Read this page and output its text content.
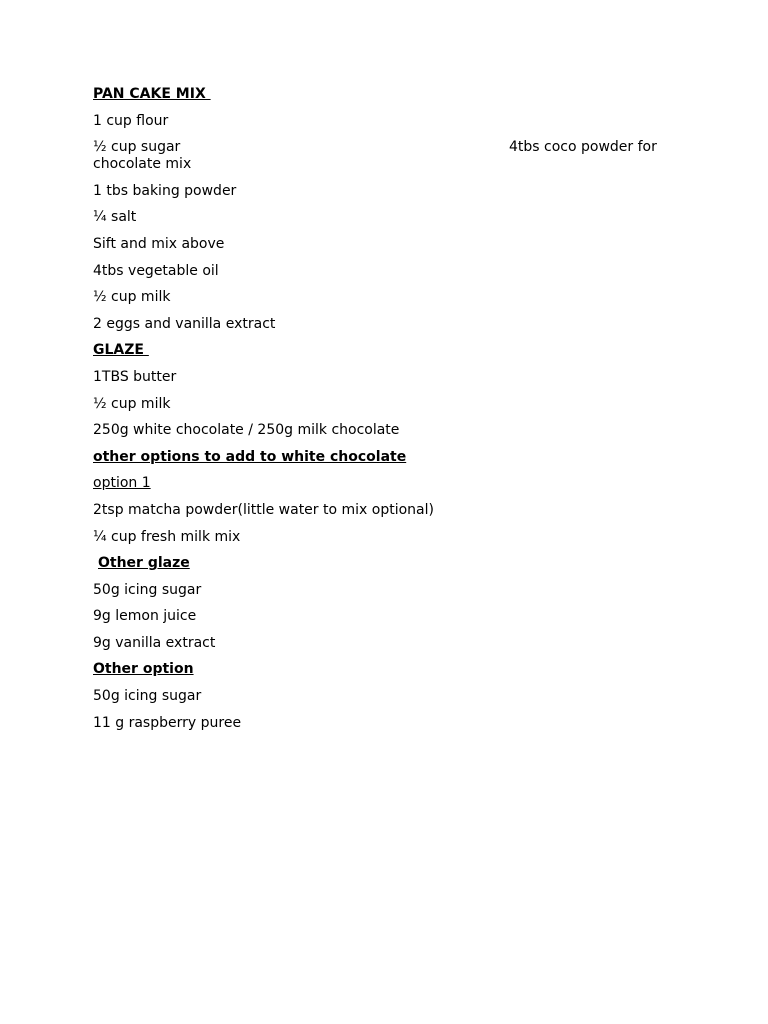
PAN CAKE MIX
1 cup flour
½ cup sugar	4tbs coco powder for
chocolate mix
1 tbs baking powder
¼ salt
Sift and mix above
4tbs vegetable oil
½ cup milk
2 eggs and vanilla extract
GLAZE
1TBS butter
½ cup milk
250g white chocolate / 250g milk chocolate
other options to add to white chocolate
option 1
2tsp matcha powder(little water to mix optional)
¼ cup fresh milk mix
Other glaze
50g icing sugar
9g lemon juice
9g vanilla extract
Other option
50g icing sugar
11 g raspberry puree
